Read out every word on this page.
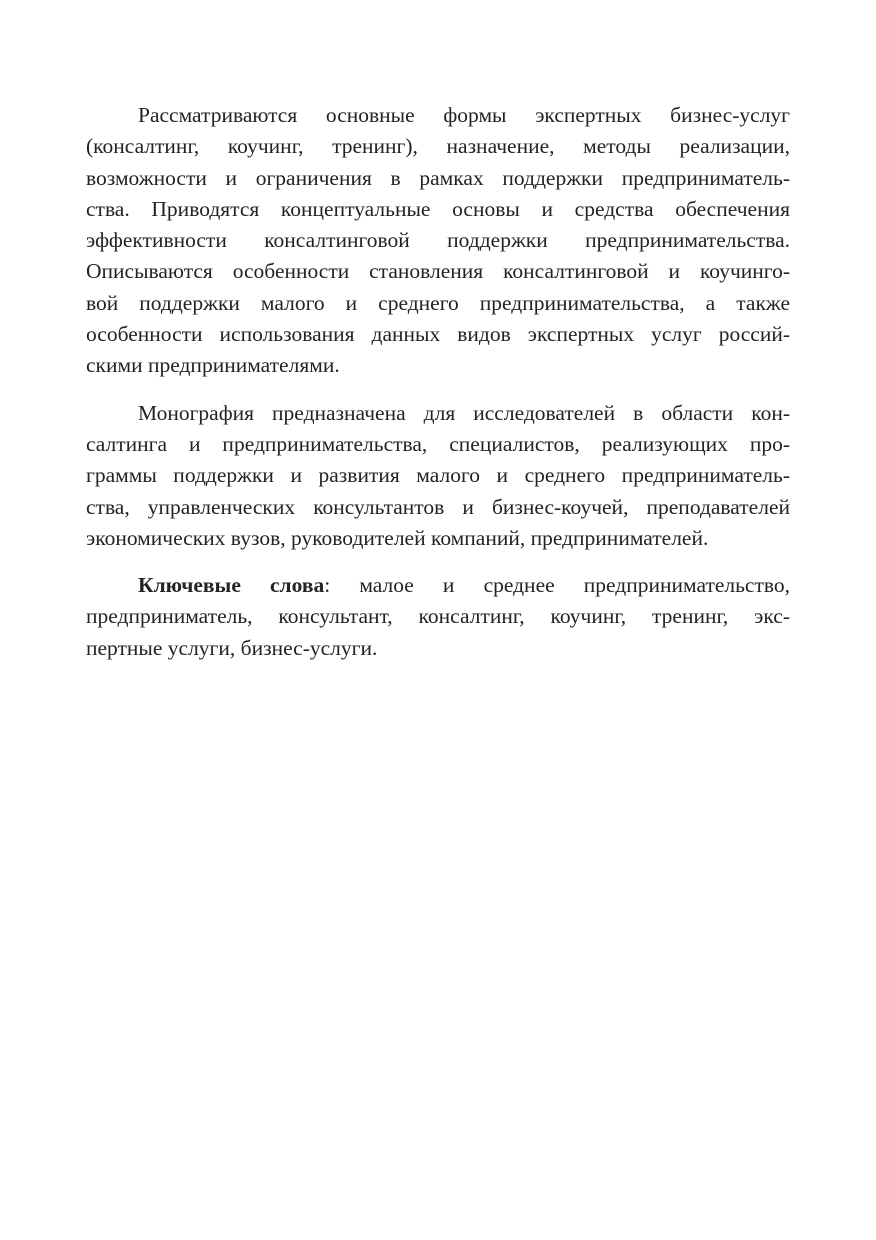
Рассматриваются основные формы экспертных бизнес-услуг
(консалтинг, коучинг, тренинг), назначение, методы реализации,
возможности и ограничения в рамках поддержки предприниматель-
ства. Приводятся концептуальные основы и средства обеспечения
эффективности консалтинговой поддержки предпринимательства.
Описываются особенности становления консалтинговой и коучинго-
вой поддержки малого и среднего предпринимательства, а также
особенности использования данных видов экспертных услуг россий-
скими предпринимателями.

Монография предназначена для исследователей в области кон-
салтинга и предпринимательства, специалистов, реализующих про-
граммы поддержки и развития малого и среднего предприниматель-
ства, управленческих консультантов и бизнес-коучей, преподавателей
экономических вузов, руководителей компаний, предпринимателей.

Ключевые слова: малое и среднее предпринимательство,
предприниматель, консультант, консалтинг, коучинг, тренинг, экс-
пертные услуги, бизнес-услуги.
